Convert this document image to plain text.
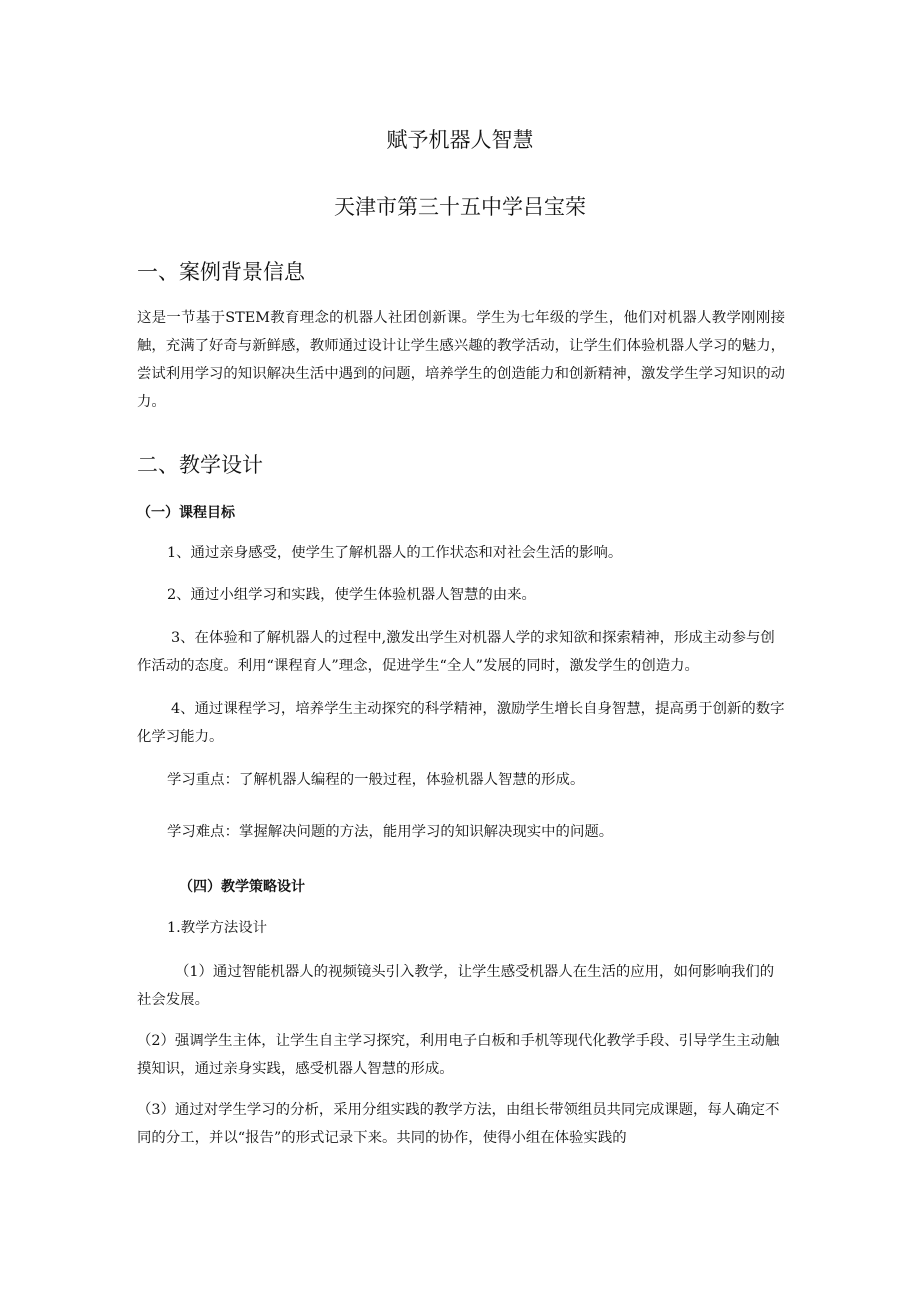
赋予机器人智慧
天津市第三十五中学吕宝荣
一、案例背景信息

这是一节基于STEM教育理念的机器人社团创新课。学生为七年级的学生，他们对机器人教学刚刚接触，充满了好奇与新鲜感，教师通过设计让学生感兴趣的教学活动，让学生们体验机器人学习的魅力，尝试利用学习的知识解决生活中遇到的问题，培养学生的创造能力和创新精神，激发学生学习知识的动力。

二、教学设计
（一）课程目标

1、通过亲身感受，使学生了解机器人的工作状态和对社会生活的影响。

2、通过小组学习和实践，使学生体验机器人智慧的由来。

3、在体验和了解机器人的过程中,激发出学生对机器人学的求知欲和探索精神，形成主动参与创作活动的态度。利用“课程育人”理念，促进学生“全人”发展的同时，激发学生的创造力。

4、通过课程学习，培养学生主动探究的科学精神，激励学生增长自身智慧，提高勇于创新的数字化学习能力。

学习重点：了解机器人编程的一般过程，体验机器人智慧的形成。

学习难点：掌握解决问题的方法，能用学习的知识解决现实中的问题。

（四）教学策略设计

1.教学方法设计

（1）通过智能机器人的视频镜头引入教学，让学生感受机器人在生活的应用，如何影响我们的社会发展。

（2）强调学生主体，让学生自主学习探究，利用电子白板和手机等现代化教学手段、引导学生主动触摸知识，通过亲身实践，感受机器人智慧的形成。

（3）通过对学生学习的分析，采用分组实践的教学方法，由组长带领组员共同完成课题，每人确定不同的分工，并以“报告”的形式记录下来。共同的协作，使得小组在体验实践的
